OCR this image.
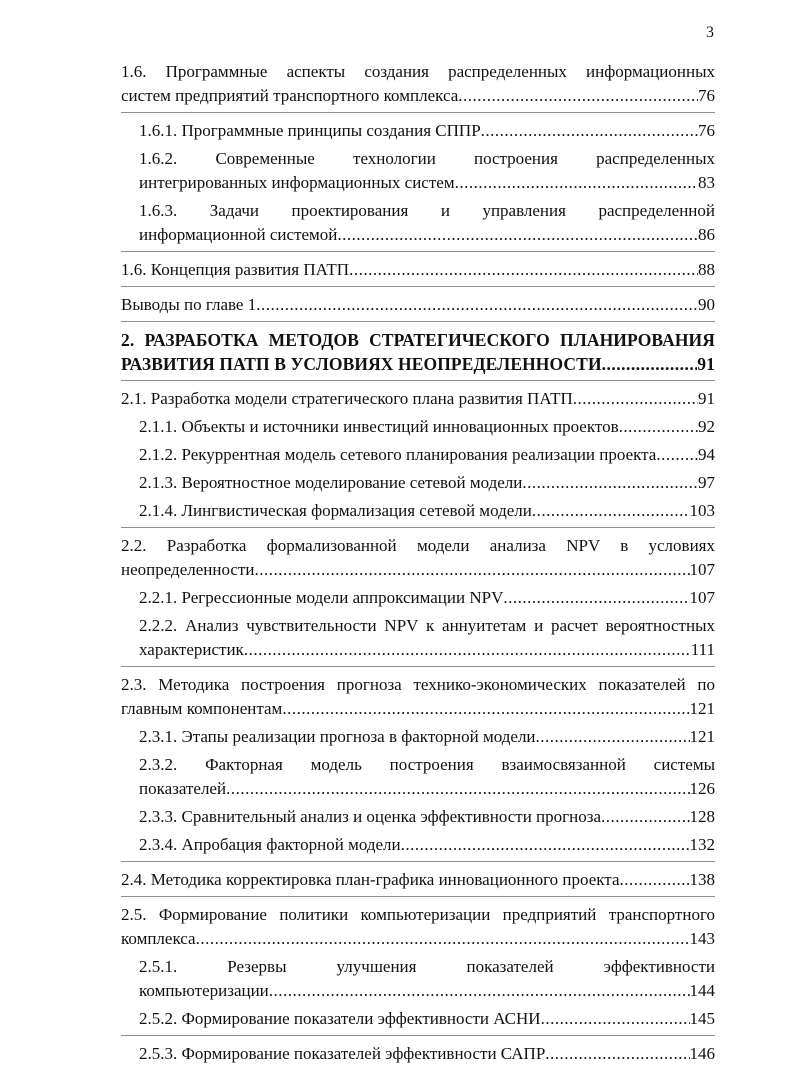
3
1.6. Программные аспекты создания распределенных информационных
систем предприятий транспортного комплекса .....	76
1.6.1. Программные принципы создания СППР .....	76
1.6.2. Современные технологии построения распределенных
интегрированных информационных систем .....	83
1.6.3. Задачи проектирования и управления распределенной
информационной системой .....	86
1.6. Концепция развития ПАТП .....	88
Выводы по главе 1 .....	90
2. РАЗРАБОТКА МЕТОДОВ СТРАТЕГИЧЕСКОГО ПЛАНИРОВАНИЯ
РАЗВИТИЯ ПАТП В УСЛОВИЯХ НЕОПРЕДЕЛЕННОСТИ .....	91
2.1. Разработка модели стратегического плана развития ПАТП .....	91
2.1.1. Объекты и источники инвестиций инновационных проектов .....	92
2.1.2. Рекуррентная модель сетевого планирования реализации проекта ..... 94
2.1.3. Вероятностное моделирование сетевой модели .....	97
2.1.4. Лингвистическая формализация сетевой модели .....	103
2.2. Разработка формализованной модели анализа NPV в условиях
неопределенности .....	107
2.2.1. Регрессионные модели аппроксимации NPV .....	107
2.2.2. Анализ чувствительности NPV к аннуитетам и расчет вероятностных
характеристик .....	111
2.3. Методика построения прогноза технико-экономических показателей по
главным компонентам .....	121
2.3.1. Этапы реализации прогноза в факторной модели .....	121
2.3.2. Факторная модель построения взаимосвязанной системы
показателей .....	126
2.3.3. Сравнительный анализ и оценка эффективности прогноза .....	128
2.3.4. Апробация факторной модели .....	132
2.4. Методика корректировка план-графика инновационного проекта .....	138
2.5. Формирование политики компьютеризации предприятий транспортного
комплекса .....	143
2.5.1. Резервы улучшения показателей эффективности
компьютеризации .....	144
2.5.2. Формирование показатели эффективности АСНИ .....	145
2.5.3. Формирование показателей эффективности САПР .....	146
